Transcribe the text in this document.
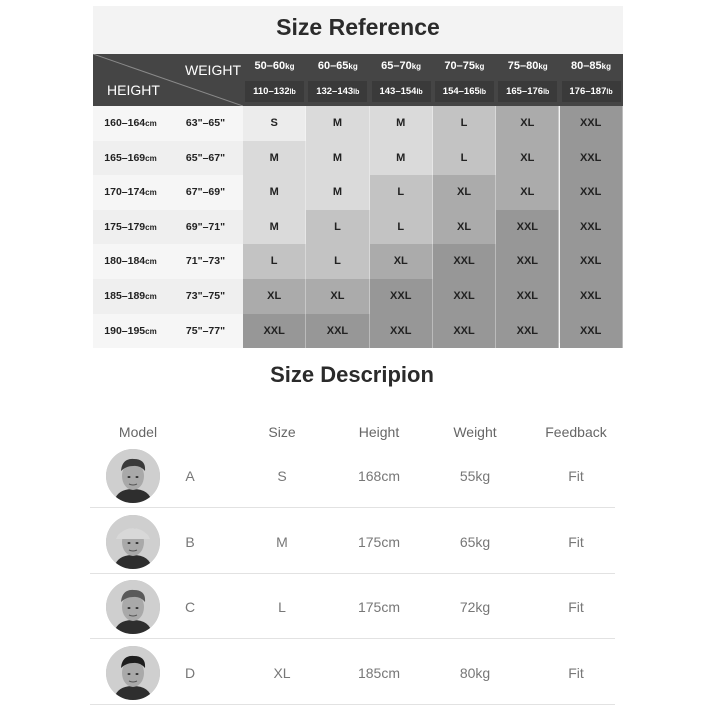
Size Reference
WEIGHT
HEIGHT
50–60kg
110–132lb
60–65kg
132–143lb
65–70kg
143–154lb
70–75kg
154–165lb
75–80kg
165–176lb
80–85kg
176–187lb
160–164cm	63"–65"	S	M	M	L	XL	XXL
165–169cm	65"–67"	M	M	M	L	XL	XXL
170–174cm	67"–69"	M	M	L	XL	XL	XXL
175–179cm	69"–71"	M	L	L	XL	XXL	XXL
180–184cm	71"–73"	L	L	XL	XXL	XXL	XXL
185–189cm	73"–75"	XL	XL	XXL	XXL	XXL	XXL
190–195cm	75"–77"	XXL	XXL	XXL	XXL	XXL	XXL
Size Descripion
Model	Size	Height	Weight	Feedback
A	S	168cm	55kg	Fit
B	M	175cm	65kg	Fit
C	L	175cm	72kg	Fit
D	XL	185cm	80kg	Fit
